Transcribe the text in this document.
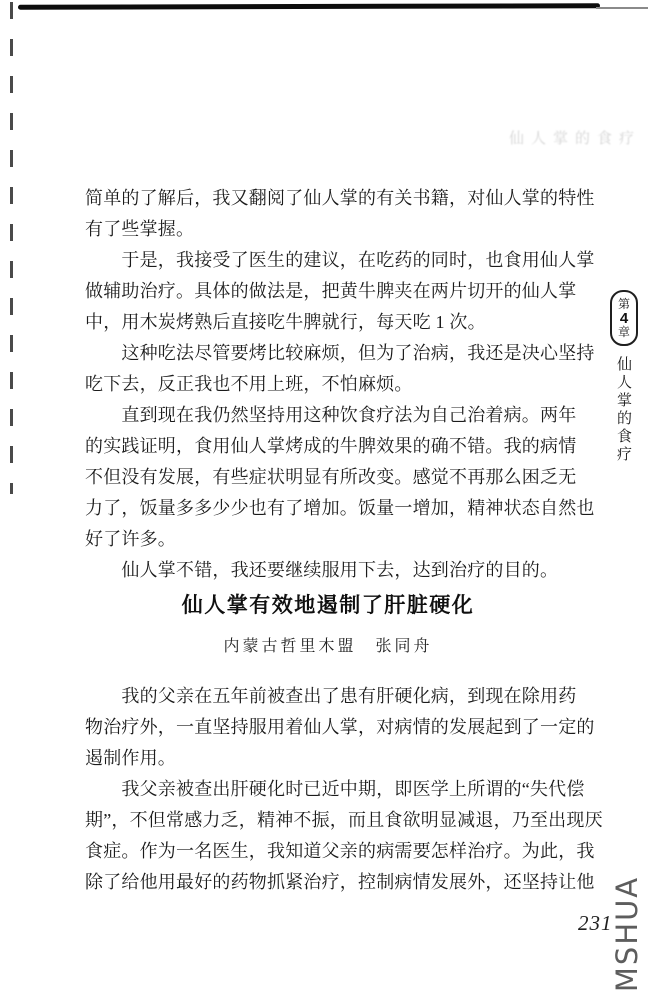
仙人掌的食疗
简单的了解后，我又翻阅了仙人掌的有关书籍，对仙人掌的特性
有了些掌握。
　　于是，我接受了医生的建议，在吃药的同时，也食用仙人掌
做辅助治疗。具体的做法是，把黄牛脾夹在两片切开的仙人掌
中，用木炭烤熟后直接吃牛脾就行，每天吃 1 次。
　　这种吃法尽管要烤比较麻烦，但为了治病，我还是决心坚持
吃下去，反正我也不用上班，不怕麻烦。
　　直到现在我仍然坚持用这种饮食疗法为自己治着病。两年
的实践证明，食用仙人掌烤成的牛脾效果的确不错。我的病情
不但没有发展，有些症状明显有所改变。感觉不再那么困乏无
力了，饭量多多少少也有了增加。饭量一增加，精神状态自然也
好了许多。
　　仙人掌不错，我还要继续服用下去，达到治疗的目的。
仙人掌有效地遏制了肝脏硬化
内蒙古哲里木盟　张同舟
　　我的父亲在五年前被查出了患有肝硬化病，到现在除用药
物治疗外，一直坚持服用着仙人掌，对病情的发展起到了一定的
遏制作用。
　　我父亲被查出肝硬化时已近中期，即医学上所谓的“失代偿
期”，不但常感力乏，精神不振，而且食欲明显减退，乃至出现厌
食症。作为一名医生，我知道父亲的病需要怎样治疗。为此，我
除了给他用最好的药物抓紧治疗，控制病情发展外，还坚持让他
第
4
章
仙人掌的食疗
231
MSHUA
